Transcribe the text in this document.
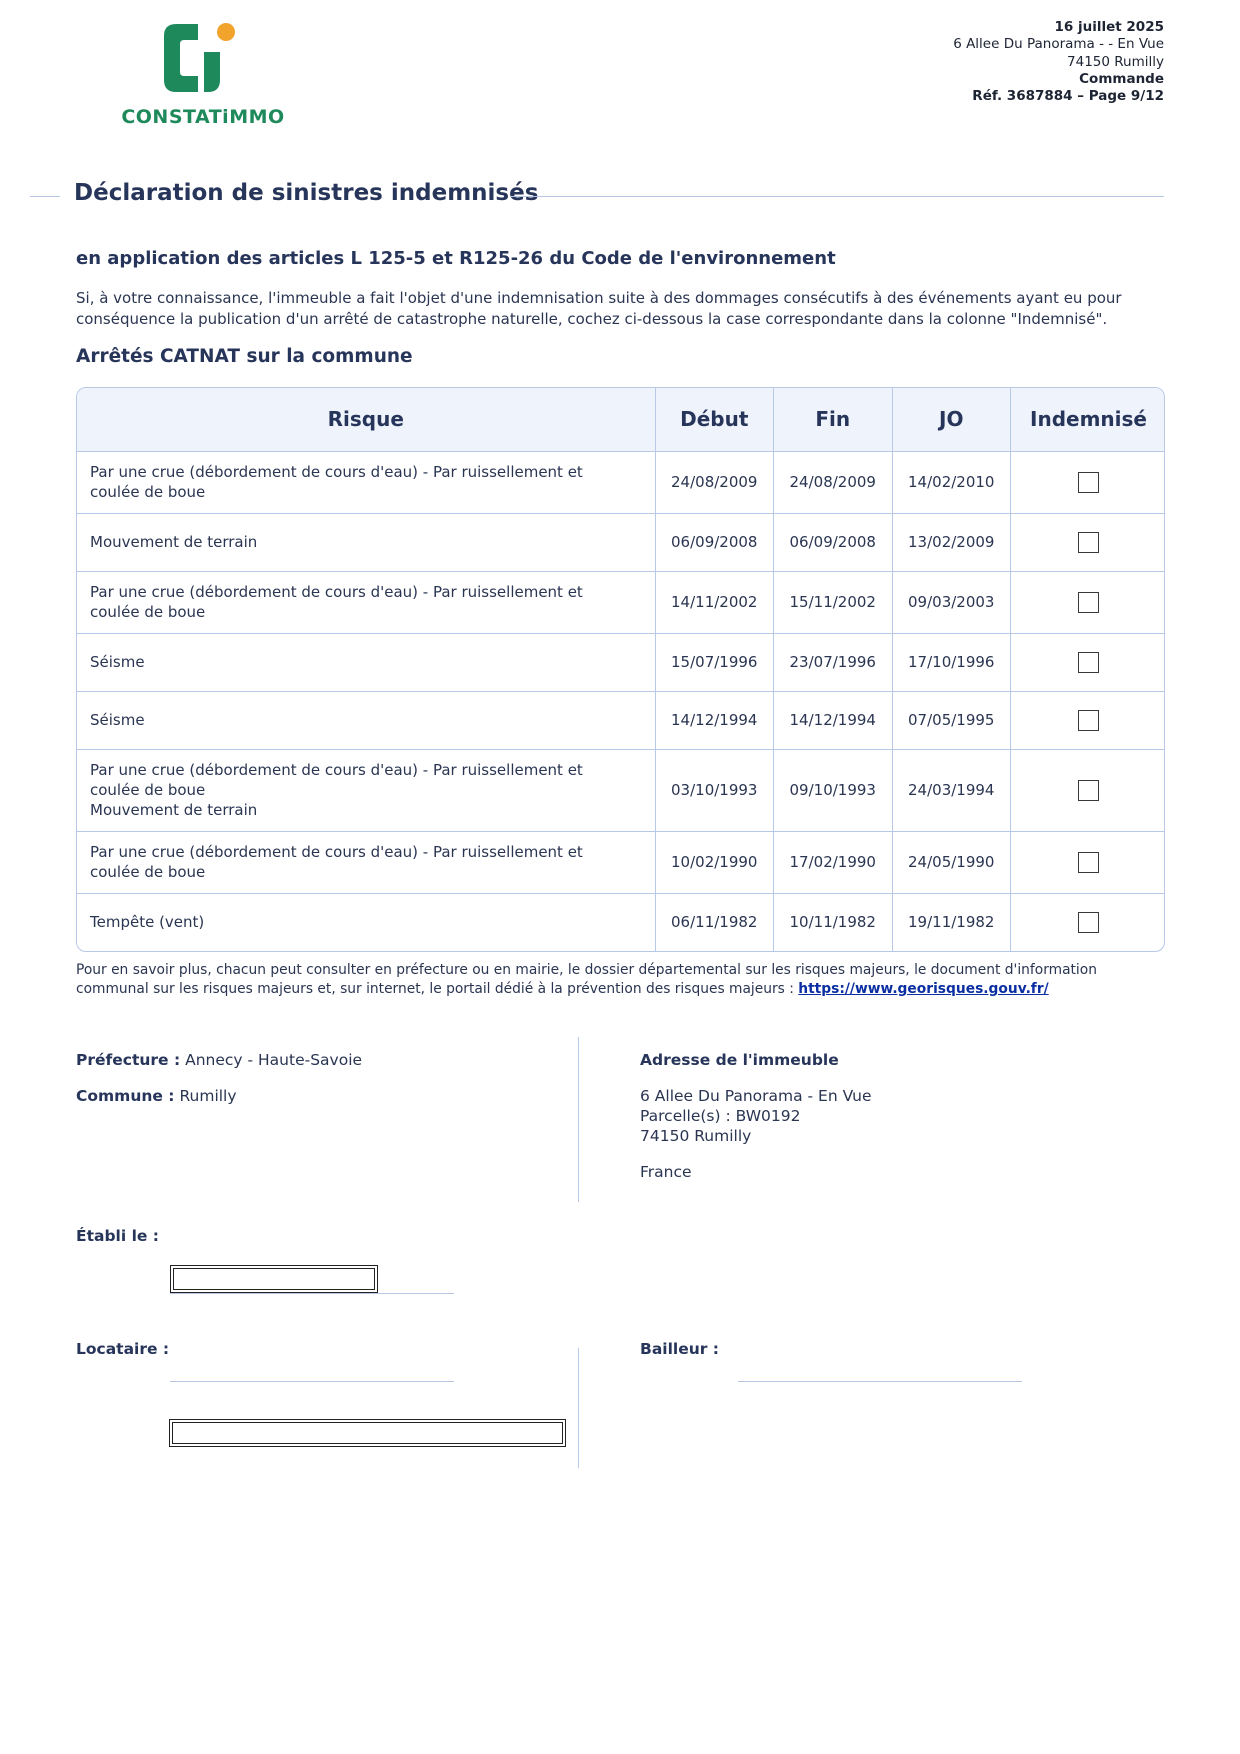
CONSTATiMMO
16 juillet 2025
6 Allee Du Panorama - - En Vue
74150 Rumilly
Commande
Réf. 3687884 – Page 9/12
Déclaration de sinistres indemnisés
en application des articles L 125-5 et R125-26 du Code de l'environnement
Si, à votre connaissance, l'immeuble a fait l'objet d'une indemnisation suite à des dommages consécutifs à des événements ayant eu pour conséquence la publication d'un arrêté de catastrophe naturelle, cochez ci-dessous la case correspondante dans la colonne "Indemnisé".
Arrêtés CATNAT sur la commune
Risque	Début	Fin	JO	Indemnisé

Par une crue (débordement de cours d'eau) - Par ruissellement et
coulée de boue	24/08/2009	24/08/2009	14/02/2010	

Mouvement de terrain	06/09/2008	06/09/2008	13/02/2009	

Par une crue (débordement de cours d'eau) - Par ruissellement et
coulée de boue	14/11/2002	15/11/2002	09/03/2003	

Séisme	15/07/1996	23/07/1996	17/10/1996	

Séisme	14/12/1994	14/12/1994	07/05/1995	

Par une crue (débordement de cours d'eau) - Par ruissellement et
coulée de boue
Mouvement de terrain	03/10/1993	09/10/1993	24/03/1994	

Par une crue (débordement de cours d'eau) - Par ruissellement et
coulée de boue	10/02/1990	17/02/1990	24/05/1990	

Tempête (vent)	06/11/1982	10/11/1982	19/11/1982	
Pour en savoir plus, chacun peut consulter en préfecture ou en mairie, le dossier départemental sur les risques majeurs, le document d'information communal sur les risques majeurs et, sur internet, le portail dédié à la prévention des risques majeurs : https://www.georisques.gouv.fr/

Préfecture : Annecy - Haute-Savoie

Commune : Rumilly

Adresse de l'immeuble
6 Allee Du Panorama - En Vue
Parcelle(s) : BW0192
74150 Rumilly
France
Établi le :
Locataire :	Bailleur :
